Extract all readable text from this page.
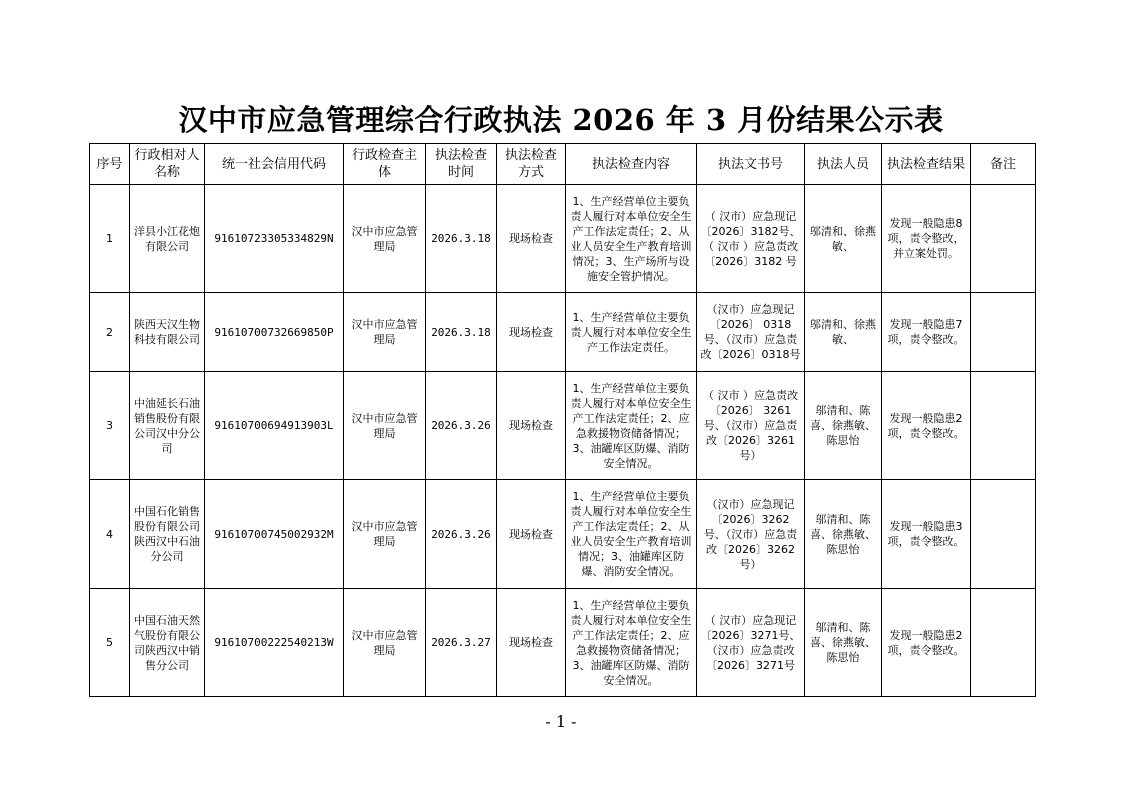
汉中市应急管理综合行政执法 2026 年 3 月份结果公示表
序号	行政相对人名称	统一社会信用代码	行政检查主体	执法检查时间	执法检查方式	执法检查内容	执法文书号	执法人员	执法检查结果	备注
1	洋县小江花炮有限公司	91610723305334829N	汉中市应急管理局	2026.3.18	现场检查	1、生产经营单位主要负责人履行对本单位安全生产工作法定责任；2、从业人员安全生产教育培训情况；3、生产场所与设施安全管护情况。	（ 汉市）应急现记〔2026〕3182号、（ 汉市 ）应急责改〔2026〕3182 号	邬清和、徐燕敏、	发现一般隐患8项，责令整改，并立案处罚。	
2	陕西天汉生物科技有限公司	91610700732669850P	汉中市应急管理局	2026.3.18	现场检查	1、生产经营单位主要负责人履行对本单位安全生产工作法定责任。	（汉市）应急现记〔2026〕 0318号、（汉市）应急责改〔2026〕0318号	邬清和、徐燕敏、	发现一般隐患7项，责令整改。	
3	中油延长石油销售股份有限公司汉中分公司	91610700694913903L	汉中市应急管理局	2026.3.26	现场检查	1、生产经营单位主要负责人履行对本单位安全生产工作法定责任；2、应急救援物资储备情况；3、油罐库区防爆、消防安全情况。	（ 汉市 ）应急责改〔2026〕 3261号、（汉市）应急责改〔2026〕3261号）	邬清和、陈喜、徐燕敏、陈思怡	发现一般隐患2项，责令整改。	
4	中国石化销售股份有限公司陕西汉中石油分公司	91610700745002932M	汉中市应急管理局	2026.3.26	现场检查	1、生产经营单位主要负责人履行对本单位安全生产工作法定责任；2、从业人员安全生产教育培训情况；3、油罐库区防爆、消防安全情况。	（汉市）应急现记〔2026〕3262 号、（汉市）应急责改〔2026〕3262 号）	邬清和、陈喜、徐燕敏、陈思怡	发现一般隐患3项，责令整改。	
5	中国石油天然气股份有限公司陕西汉中销售分公司	91610700222540213W	汉中市应急管理局	2026.3.27	现场检查	1、生产经营单位主要负责人履行对本单位安全生产工作法定责任；2、应急救援物资储备情况；3、油罐库区防爆、消防安全情况。	（ 汉市）应急现记〔2026〕3271号、（汉市）应急责改〔2026〕3271号	邬清和、陈喜、徐燕敏、陈思怡	发现一般隐患2项，责令整改。	
- 1 -
